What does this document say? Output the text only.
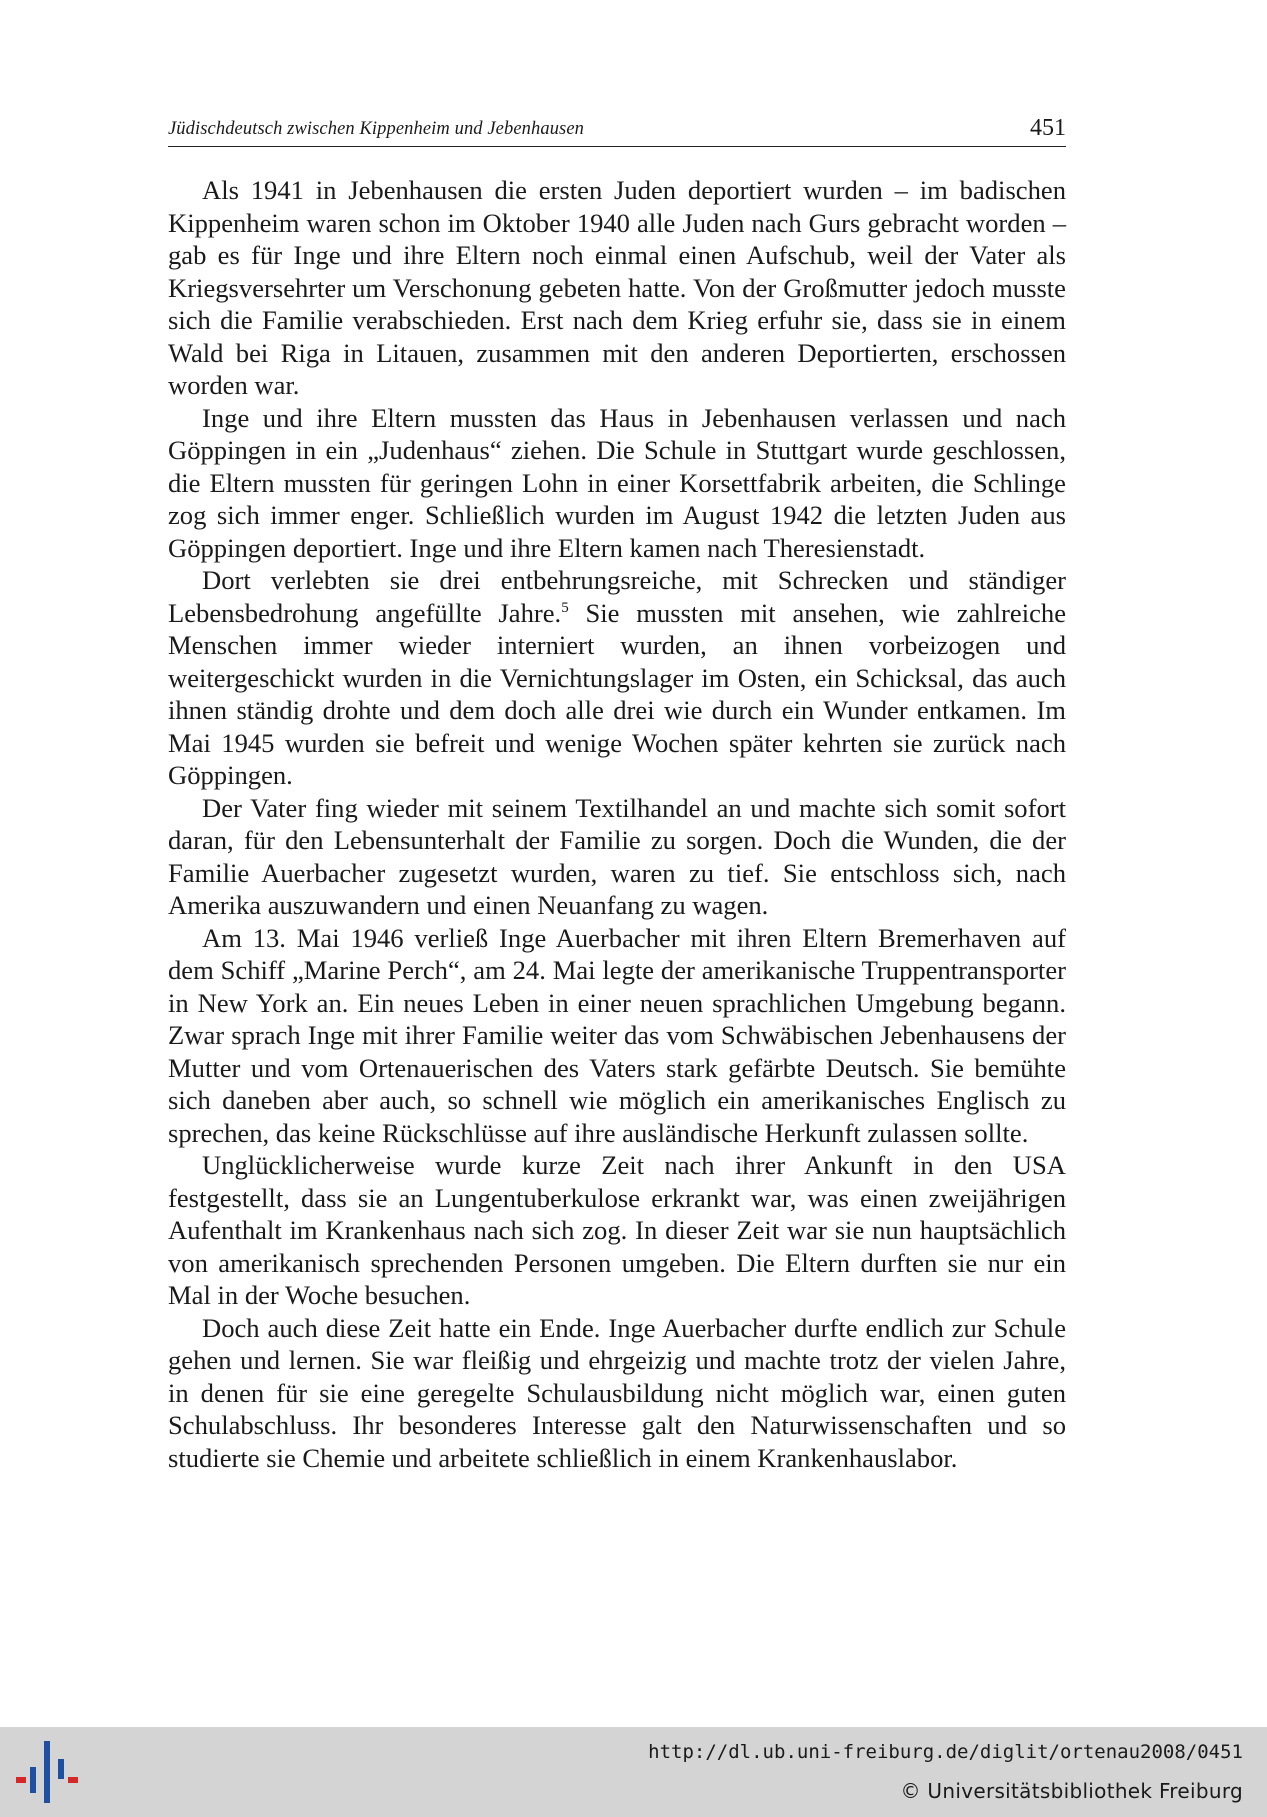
Jüdischdeutsch zwischen Kippenheim und Jebenhausen	451

Als 1941 in Jebenhausen die ersten Juden deportiert wurden – im badischen Kippenheim waren schon im Oktober 1940 alle Juden nach Gurs gebracht worden – gab es für Inge und ihre Eltern noch einmal einen Aufschub, weil der Vater als Kriegsversehrter um Verschonung gebeten hatte. Von der Großmutter jedoch musste sich die Familie verabschieden. Erst nach dem Krieg erfuhr sie, dass sie in einem Wald bei Riga in Litauen, zusammen mit den anderen Deportierten, erschossen worden war.

Inge und ihre Eltern mussten das Haus in Jebenhausen verlassen und nach Göppingen in ein „Judenhaus“ ziehen. Die Schule in Stuttgart wurde geschlossen, die Eltern mussten für geringen Lohn in einer Korsettfabrik arbeiten, die Schlinge zog sich immer enger. Schließlich wurden im August 1942 die letzten Juden aus Göppingen deportiert. Inge und ihre Eltern kamen nach Theresienstadt.

Dort verlebten sie drei entbehrungsreiche, mit Schrecken und ständiger Lebensbedrohung angefüllte Jahre.$^5$ Sie mussten mit ansehen, wie zahlreiche Menschen immer wieder interniert wurden, an ihnen vorbeizogen und weitergeschickt wurden in die Vernichtungslager im Osten, ein Schicksal, das auch ihnen ständig drohte und dem doch alle drei wie durch ein Wunder entkamen. Im Mai 1945 wurden sie befreit und wenige Wochen später kehrten sie zurück nach Göppingen.

Der Vater fing wieder mit seinem Textilhandel an und machte sich somit sofort daran, für den Lebensunterhalt der Familie zu sorgen. Doch die Wunden, die der Familie Auerbacher zugesetzt wurden, waren zu tief. Sie entschloss sich, nach Amerika auszuwandern und einen Neuanfang zu wagen.

Am 13. Mai 1946 verließ Inge Auerbacher mit ihren Eltern Bremerhaven auf dem Schiff „Marine Perch“, am 24. Mai legte der amerikanische Truppentransporter in New York an. Ein neues Leben in einer neuen sprachlichen Umgebung begann. Zwar sprach Inge mit ihrer Familie weiter das vom Schwäbischen Jebenhausens der Mutter und vom Ortenauerischen des Vaters stark gefärbte Deutsch. Sie bemühte sich daneben aber auch, so schnell wie möglich ein amerikanisches Englisch zu sprechen, das keine Rückschlüsse auf ihre ausländische Herkunft zulassen sollte.

Unglücklicherweise wurde kurze Zeit nach ihrer Ankunft in den USA festgestellt, dass sie an Lungentuberkulose erkrankt war, was einen zweijährigen Aufenthalt im Krankenhaus nach sich zog. In dieser Zeit war sie nun hauptsächlich von amerikanisch sprechenden Personen umgeben. Die Eltern durften sie nur ein Mal in der Woche besuchen.

Doch auch diese Zeit hatte ein Ende. Inge Auerbacher durfte endlich zur Schule gehen und lernen. Sie war fleißig und ehrgeizig und machte trotz der vielen Jahre, in denen für sie eine geregelte Schulausbildung nicht möglich war, einen guten Schulabschluss. Ihr besonderes Interesse galt den Naturwissenschaften und so studierte sie Chemie und arbeitete schließlich in einem Krankenhauslabor.

http://dl.ub.uni-freiburg.de/diglit/ortenau2008/0451
© Universitätsbibliothek Freiburg
